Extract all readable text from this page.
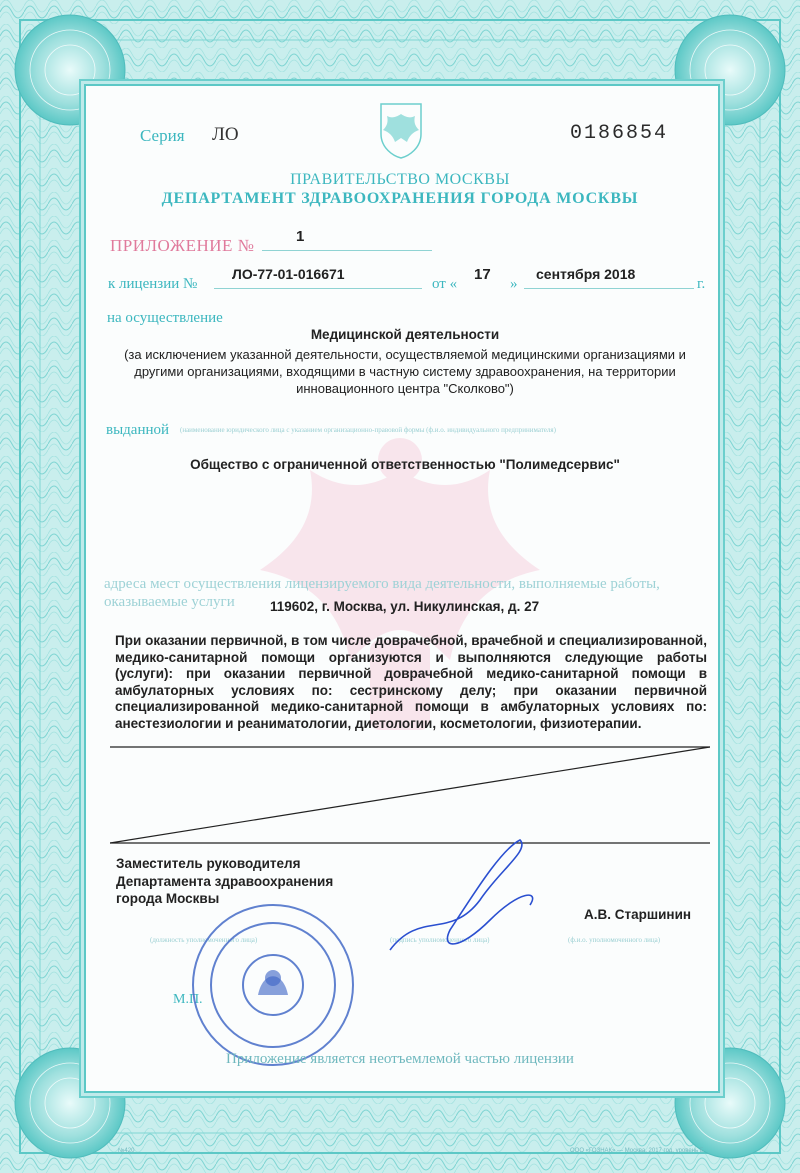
Серия ЛО	0186854
ПРАВИТЕЛЬСТВО МОСКВЫ
ДЕПАРТАМЕНТ ЗДРАВООХРАНЕНИЯ ГОРОДА МОСКВЫ
ПРИЛОЖЕНИЕ №	1
к лицензии №
ЛО-77-01-016671
от «
17
»
сентября 2018
г.
на осуществление
Медицинской деятельности
(за исключением указанной деятельности, осуществляемой медицинскими организациями и другими организациями, входящими в частную систему здравоохранения, на территории инновационного центра "Сколково")
выданной (наименование юридического лица с указанием организационно-правовой формы (ф.и.о. индивидуального предпринимателя)
Общество с ограниченной ответственностью "Полимедсервис"
адреса мест осуществления лицензируемого вида деятельности, выполняемые работы, оказываемые услуги	119602, г. Москва, ул. Никулинская, д. 27
При оказании первичной, в том числе доврачебной, врачебной и специализированной, медико-санитарной помощи организуются и выполняются следующие работы (услуги): при оказании первичной доврачебной медико-санитарной помощи в амбулаторных условиях по: сестринскому делу; при оказании первичной специализированной медико-санитарной помощи в амбулаторных условиях по: анестезиологии и реаниматологии, диетологии, косметологии, физиотерапии.
Заместитель руководителя Департамента здравоохранения города Москвы
А.В. Старшинин
(должность уполномоченного лица)	(подпись уполномоченного лица)	(ф.и.о. уполномоченного лица)
М.П.
Приложение является неотъемлемой частью лицензии
№420	ООО «ГОЗНАК» — Москва, 2017 год, уровень Б
